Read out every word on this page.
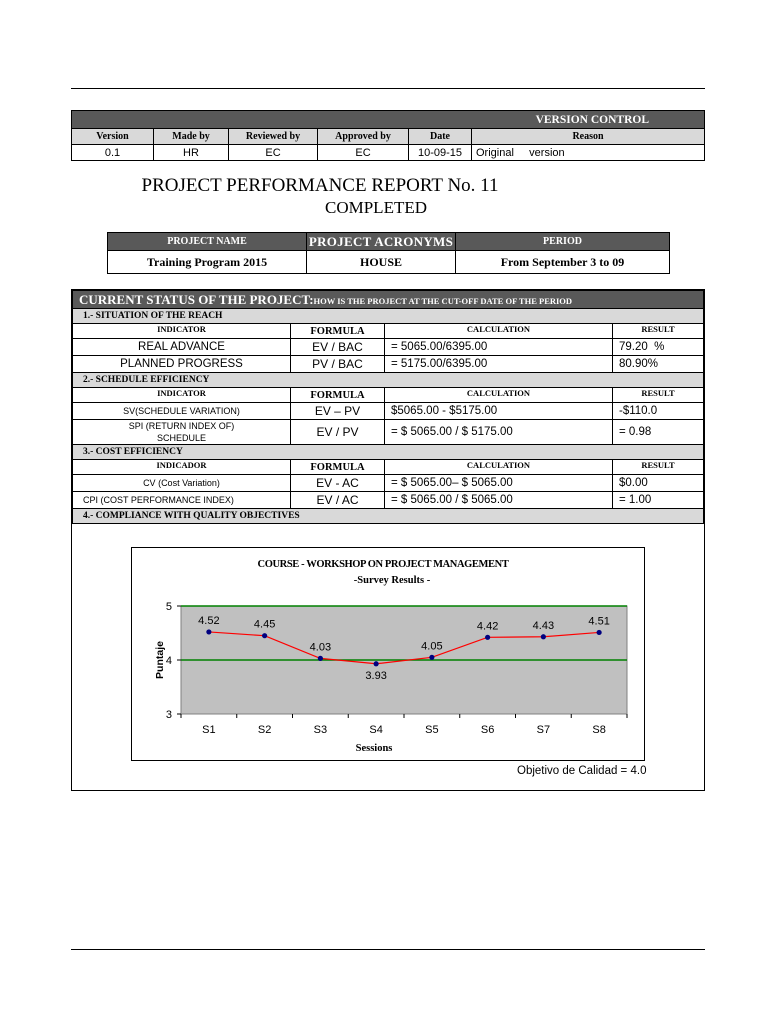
VERSION CONTROL					
Version	Made by	Reviewed by	Approved by	Date	Reason
0.1	HR	EC	EC	10-09-15	Original     version
PROJECT PERFORMANCE REPORT No. 11
COMPLETED
PROJECT NAME	PROJECT ACRONYMS	PERIOD
Training Program 2015	HOUSE	From September 3 to 09
CURRENT STATUS OF THE PROJECT:HOW IS THE PROJECT AT THE CUT-OFF DATE OF THE PERIOD			
1.- SITUATION OF THE REACH			
INDICATOR	FORMULA	CALCULATION	RESULT
REAL ADVANCE	EV / BAC	= 5065.00/6395.00	79.20  %
PLANNED PROGRESS	PV / BAC	= 5175.00/6395.00	80.90%
2.- SCHEDULE EFFICIENCY			
INDICATOR	FORMULA	CALCULATION	RESULT
SV(SCHEDULE VARIATION)	EV – PV	$5065.00 - $5175.00	-$110.0
SPI (RETURN INDEX OF) SCHEDULE	EV / PV	= $ 5065.00 / $ 5175.00	= 0.98
3.- COST EFFICIENCY			
INDICADOR	FORMULA	CALCULATION	RESULT
CV (Cost Variation)	EV - AC	= $ 5065.00– $ 5065.00	$0.00
CPI (COST PERFORMANCE INDEX)	EV / AC	= $ 5065.00 / $ 5065.00	= 1.00
4.- COMPLIANCE WITH QUALITY OBJECTIVES			
COURSE - WORKSHOP ON PROJECT MANAGEMENT
-Survey Results -
3
4
5
S1	S2	S3	S4	S5	S6	S7	S8
4.52	4.45
4.03
3.93
4.05
4.42	4.43	4.51
Puntaje
Sessions
Objetivo de Calidad = 4.0
